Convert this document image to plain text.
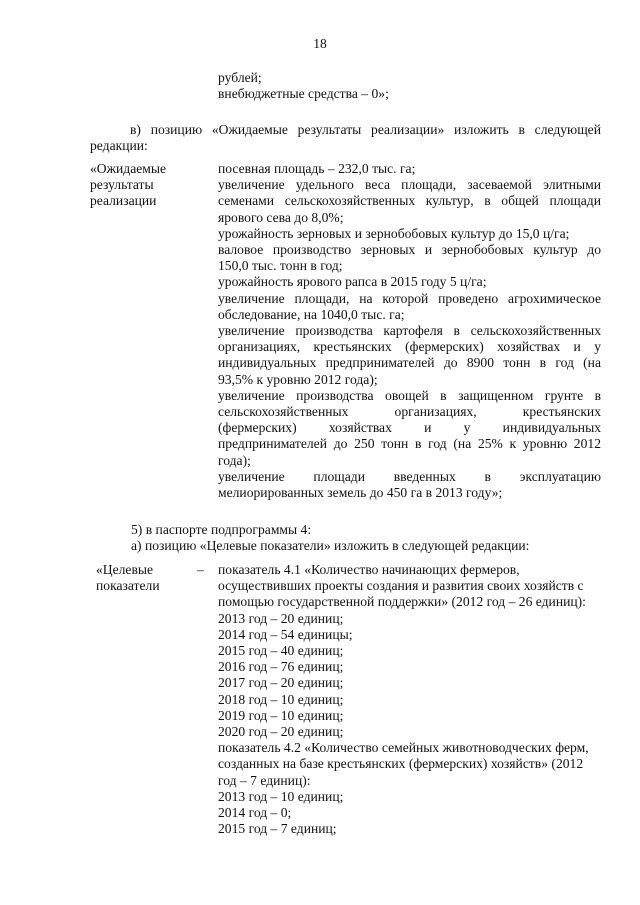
18
рублей;
внебюджетные средства – 0»;
в) позицию «Ожидаемые результаты реализации» изложить в следующей
редакции:
«Ожидаемые
результаты
реализации
посевная площадь – 232,0 тыс. га;
увеличение удельного веса площади, засеваемой элитными
семенами сельскохозяйственных культур, в общей площади
ярового сева до 8,0%;
урожайность зерновых и зернобобовых культур до 15,0 ц/га;
валовое производство зерновых и зернобобовых культур до
150,0 тыс. тонн в год;
урожайность ярового рапса в 2015 году 5 ц/га;
увеличение площади, на которой проведено агрохимическое
обследование, на 1040,0 тыс. га;
увеличение производства картофеля в сельскохозяйственных
организациях, крестьянских (фермерских) хозяйствах и у
индивидуальных предпринимателей до 8900 тонн в год (на
93,5% к уровню 2012 года);
увеличение производства овощей в защищенном грунте в
сельскохозяйственных организациях, крестьянских
(фермерских) хозяйствах и у индивидуальных
предпринимателей до 250 тонн в год (на 25% к уровню 2012
года);
увеличение площади введенных в эксплуатацию
мелиорированных земель до 450 га в 2013 году»;
5) в паспорте подпрограммы 4:
а) позицию «Целевые показатели» изложить в следующей редакции:
«Целевые
показатели
– показатель 4.1 «Количество начинающих фермеров,
осуществивших проекты создания и развития своих хозяйств с
помощью государственной поддержки» (2012 год – 26 единиц):
2013 год – 20 единиц;
2014 год – 54 единицы;
2015 год – 40 единиц;
2016 год – 76 единиц;
2017 год – 20 единиц;
2018 год – 10 единиц;
2019 год – 10 единиц;
2020 год – 20 единиц;
показатель 4.2 «Количество семейных животноводческих ферм,
созданных на базе крестьянских (фермерских) хозяйств» (2012
год – 7 единиц):
2013 год – 10 единиц;
2014 год – 0;
2015 год – 7 единиц;
